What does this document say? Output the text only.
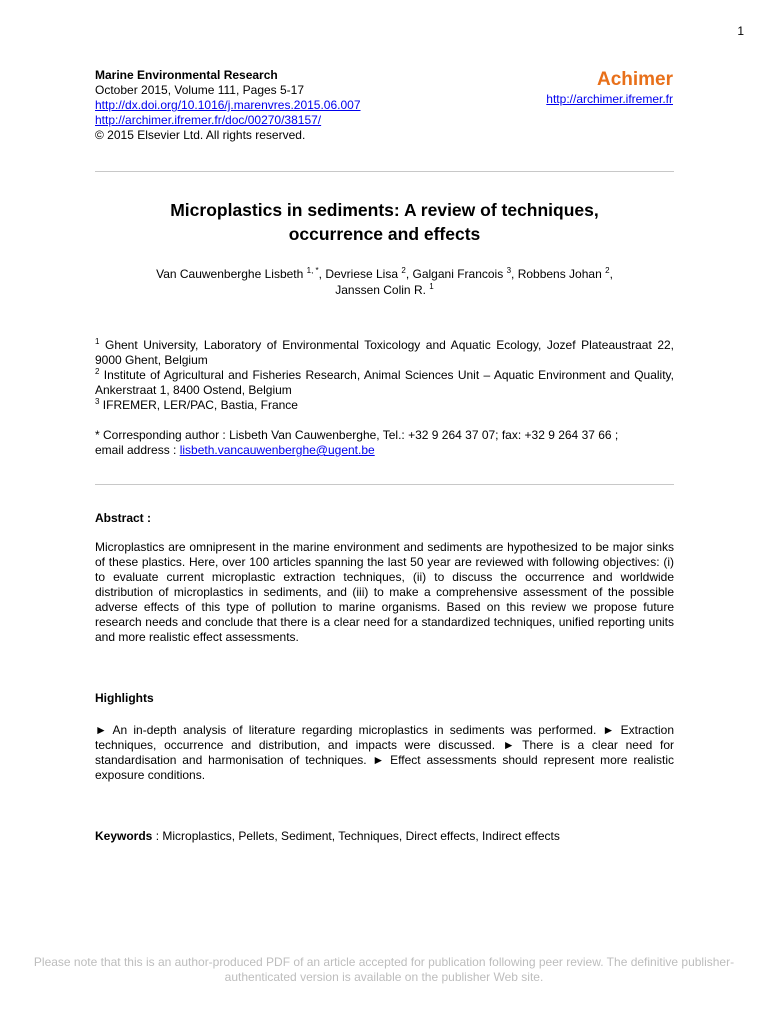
1
Marine Environmental Research
October 2015, Volume 111, Pages 5-17
http://dx.doi.org/10.1016/j.marenvres.2015.06.007
http://archimer.ifremer.fr/doc/00270/38157/
© 2015 Elsevier Ltd. All rights reserved.
Achimer
http://archimer.ifremer.fr
Microplastics in sediments: A review of techniques,
occurrence and effects
Van Cauwenberghe Lisbeth $^{1, *}$, Devriese Lisa $^2$, Galgani Francois $^3$, Robbens Johan $^2$,
Janssen Colin R. $^1$
$^1$ Ghent University, Laboratory of Environmental Toxicology and Aquatic Ecology, Jozef Plateaustraat 22, 9000 Ghent, Belgium
$^2$ Institute of Agricultural and Fisheries Research, Animal Sciences Unit – Aquatic Environment and Quality, Ankerstraat 1, 8400 Ostend, Belgium
$^3$ IFREMER, LER/PAC, Bastia, France
* Corresponding author : Lisbeth Van Cauwenberghe, Tel.: +32 9 264 37 07; fax: +32 9 264 37 66 ;
email address : lisbeth.vancauwenberghe@ugent.be
Abstract :
Microplastics are omnipresent in the marine environment and sediments are hypothesized to be major sinks of these plastics. Here, over 100 articles spanning the last 50 year are reviewed with following objectives: (i) to evaluate current microplastic extraction techniques, (ii) to discuss the occurrence and worldwide distribution of microplastics in sediments, and (iii) to make a comprehensive assessment of the possible adverse effects of this type of pollution to marine organisms. Based on this review we propose future research needs and conclude that there is a clear need for a standardized techniques, unified reporting units and more realistic effect assessments.
Highlights
► An in-depth analysis of literature regarding microplastics in sediments was performed. ► Extraction techniques, occurrence and distribution, and impacts were discussed. ► There is a clear need for standardisation and harmonisation of techniques. ► Effect assessments should represent more realistic exposure conditions.
Keywords : Microplastics, Pellets, Sediment, Techniques, Direct effects, Indirect effects
Please note that this is an author-produced PDF of an article accepted for publication following peer review. The definitive publisher-authenticated version is available on the publisher Web site.
